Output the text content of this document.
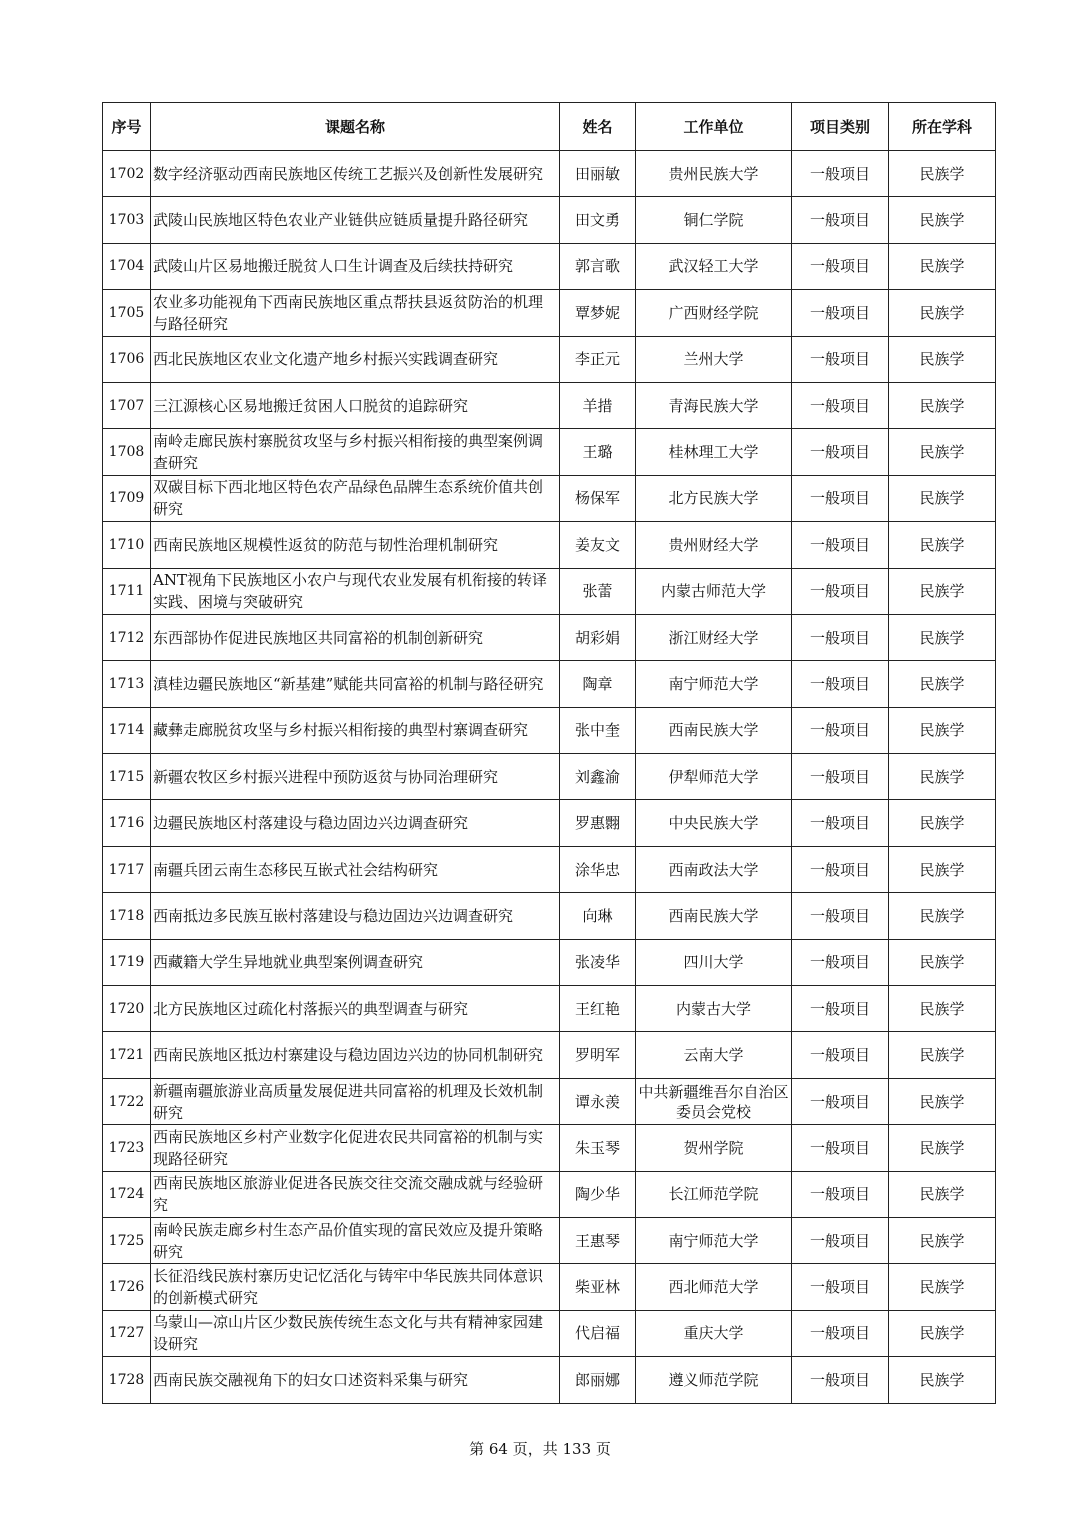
序号	课题名称	姓名	工作单位	项目类别	所在学科
1702	数字经济驱动西南民族地区传统工艺振兴及创新性发展研究	田丽敏	贵州民族大学	一般项目	民族学
1703	武陵山民族地区特色农业产业链供应链质量提升路径研究	田文勇	铜仁学院	一般项目	民族学
1704	武陵山片区易地搬迁脱贫人口生计调查及后续扶持研究	郭言歌	武汉轻工大学	一般项目	民族学
1705	农业多功能视角下西南民族地区重点帮扶县返贫防治的机理与路径研究	覃梦妮	广西财经学院	一般项目	民族学
1706	西北民族地区农业文化遗产地乡村振兴实践调查研究	李正元	兰州大学	一般项目	民族学
1707	三江源核心区易地搬迁贫困人口脱贫的追踪研究	羊措	青海民族大学	一般项目	民族学
1708	南岭走廊民族村寨脱贫攻坚与乡村振兴相衔接的典型案例调查研究	王璐	桂林理工大学	一般项目	民族学
1709	双碳目标下西北地区特色农产品绿色品牌生态系统价值共创研究	杨保军	北方民族大学	一般项目	民族学
1710	西南民族地区规模性返贫的防范与韧性治理机制研究	姜友文	贵州财经大学	一般项目	民族学
1711	ANT视角下民族地区小农户与现代农业发展有机衔接的转译实践、困境与突破研究	张蕾	内蒙古师范大学	一般项目	民族学
1712	东西部协作促进民族地区共同富裕的机制创新研究	胡彩娟	浙江财经大学	一般项目	民族学
1713	滇桂边疆民族地区“新基建”赋能共同富裕的机制与路径研究	陶章	南宁师范大学	一般项目	民族学
1714	藏彝走廊脱贫攻坚与乡村振兴相衔接的典型村寨调查研究	张中奎	西南民族大学	一般项目	民族学
1715	新疆农牧区乡村振兴进程中预防返贫与协同治理研究	刘鑫渝	伊犁师范大学	一般项目	民族学
1716	边疆民族地区村落建设与稳边固边兴边调查研究	罗惠翾	中央民族大学	一般项目	民族学
1717	南疆兵团云南生态移民互嵌式社会结构研究	涂华忠	西南政法大学	一般项目	民族学
1718	西南抵边多民族互嵌村落建设与稳边固边兴边调查研究	向琳	西南民族大学	一般项目	民族学
1719	西藏籍大学生异地就业典型案例调查研究	张凌华	四川大学	一般项目	民族学
1720	北方民族地区过疏化村落振兴的典型调查与研究	王红艳	内蒙古大学	一般项目	民族学
1721	西南民族地区抵边村寨建设与稳边固边兴边的协同机制研究	罗明军	云南大学	一般项目	民族学
1722	新疆南疆旅游业高质量发展促进共同富裕的机理及长效机制研究	谭永羡	中共新疆维吾尔自治区委员会党校	一般项目	民族学
1723	西南民族地区乡村产业数字化促进农民共同富裕的机制与实现路径研究	朱玉琴	贺州学院	一般项目	民族学
1724	西南民族地区旅游业促进各民族交往交流交融成就与经验研究	陶少华	长江师范学院	一般项目	民族学
1725	南岭民族走廊乡村生态产品价值实现的富民效应及提升策略研究	王惠琴	南宁师范大学	一般项目	民族学
1726	长征沿线民族村寨历史记忆活化与铸牢中华民族共同体意识的创新模式研究	柴亚林	西北师范大学	一般项目	民族学
1727	乌蒙山—凉山片区少数民族传统生态文化与共有精神家园建设研究	代启福	重庆大学	一般项目	民族学
1728	西南民族交融视角下的妇女口述资料采集与研究	郎丽娜	遵义师范学院	一般项目	民族学
第 64 页，共 133 页
